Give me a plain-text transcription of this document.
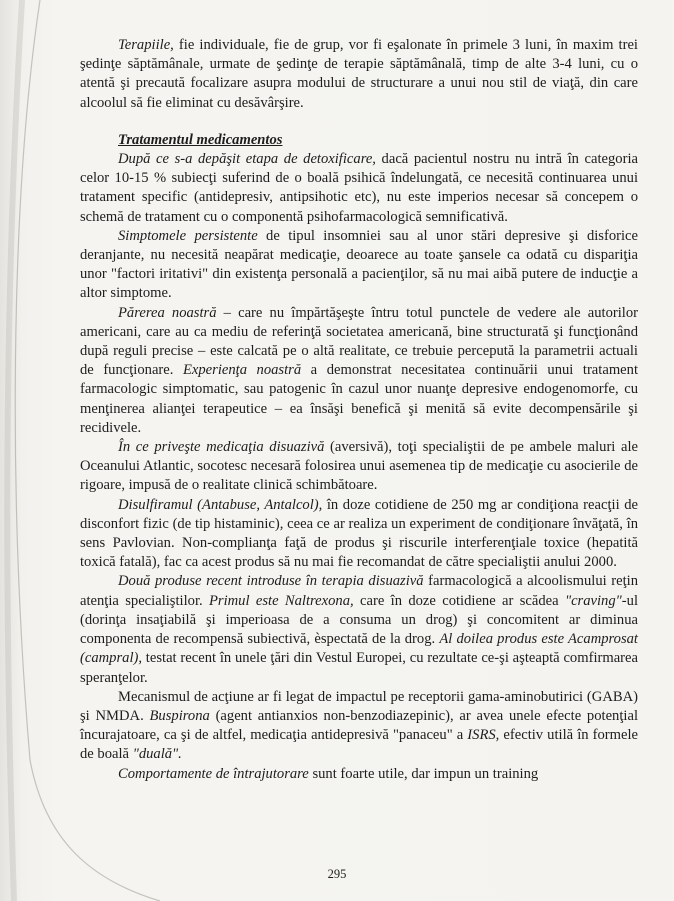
Terapiile, fie individuale, fie de grup, vor fi eşalonate în primele 3 luni, în maxim trei şedinţe săptămânale, urmate de şedinţe de terapie săptămânală, timp de alte 3-4 luni, cu o atentă şi precaută focalizare asupra modului de structurare a unui nou stil de viaţă, din care alcoolul să fie eliminat cu desăvârşire.

Tratamentul medicamentos

După ce s-a depăşit etapa de detoxificare, dacă pacientul nostru nu intră în categoria celor 10-15 % subiecţi suferind de o boală psihică îndelungată, ce necesită continuarea unui tratament specific (antidepresiv, antipsihotic etc), nu este imperios necesar să concepem o schemă de tratament cu o componentă psihofarmacologică semnificativă.

Simptomele persistente de tipul insomniei sau al unor stări depresive şi disforice deranjante, nu necesită neapărat medicaţie, deoarece au toate şansele ca odată cu dispariţia unor "factori iritativi" din existenţa personală a pacienţilor, să nu mai aibă putere de inducţie a altor simptome.

Părerea noastră – care nu împărtăşeşte întru totul punctele de vedere ale autorilor americani, care au ca mediu de referinţă societatea americană, bine structurată şi funcţionând după reguli precise – este calcată pe o altă realitate, ce trebuie percepută la parametrii actuali de funcţionare. Experienţa noastră a demonstrat necesitatea continuării unui tratament farmacologic simptomatic, sau patogenic în cazul unor nuanţe depresive endogenomorfe, cu menţinerea alianţei terapeutice – ea însăşi benefică şi menită să evite decompensările şi recidivele.

În ce priveşte medicaţia disuazivă (aversivă), toţi specialiştii de pe ambele maluri ale Oceanului Atlantic, socotesc necesară folosirea unui asemenea tip de medicaţie cu asocierile de rigoare, impusă de o realitate clinică schimbătoare.

Disulfiramul (Antabuse, Antalcol), în doze cotidiene de 250 mg ar condiţiona reacţii de disconfort fizic (de tip histaminic), ceea ce ar realiza un experiment de condiţionare învăţată, în sens Pavlovian. Non-complianţa faţă de produs şi riscurile interferenţiale toxice (hepatită toxică fatală), fac ca acest produs să nu mai fie recomandat de către specialiştii anului 2000.

Două produse recent introduse în terapia disuazivă farmacologică a alcoolismului reţin atenţia specialiştilor. Primul este Naltrexona, care în doze cotidiene ar scădea "craving"-ul (dorinţa insaţiabilă şi imperioasa de a consuma un drog) şi concomitent ar diminua componenta de recompensă subiectivă, èspectată de la drog. Al doilea produs este Acamprosat (campral), testat recent în unele ţări din Vestul Europei, cu rezultate ce-şi aşteaptă comfirmarea speranţelor.

Mecanismul de acţiune ar fi legat de impactul pe receptorii gama-aminobutirici (GABA) şi NMDA. Buspirona (agent antianxios non-benzodiazepinic), ar avea unele efecte potenţial încurajatoare, ca şi de altfel, medicaţia antidepresivă "panaceu" a ISRS, efectiv utilă în formele de boală "duală".

Comportamente de întrajutorare sunt foarte utile, dar impun un training

295
